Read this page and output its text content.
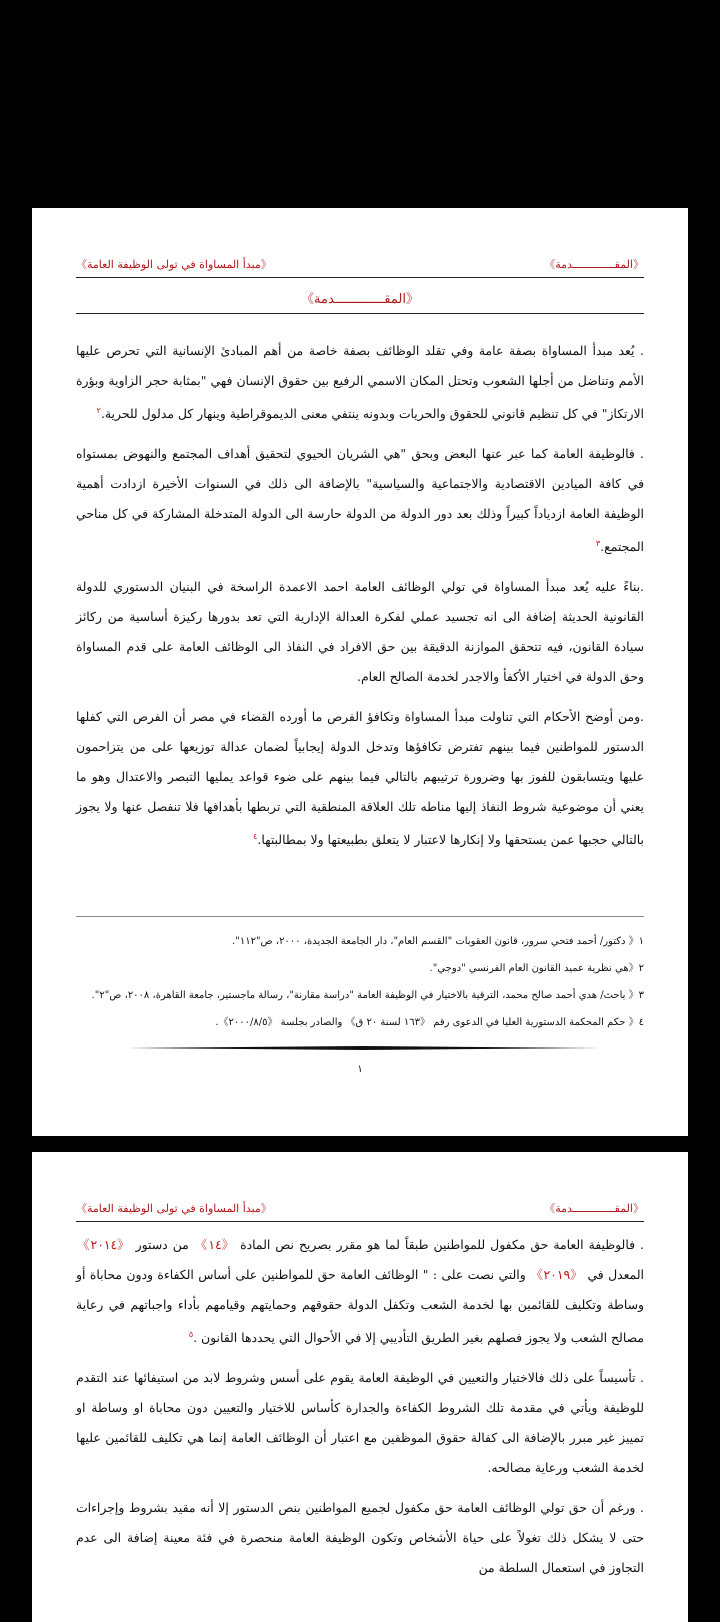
《المقـــــــــــــدمة》
《مبدأ المساواة في تولى الوظيفة العامة》
《المقـــــــــــــدمة》

. يُعد مبدأ المساواة بصفة عامة وفي تقلد الوظائف بصفة خاصة من أهم المبادئ الإنسانية التي تحرص عليها الأمم وتناضل من أجلها الشعوب وتحتل المكان الاسمي الرفيع بين حقوق الإنسان فهي "بمثابة حجر الزاوية وبؤرة الارتكاز" في كل تنظيم قانوني للحقوق والحريات وبدونه ينتفي معنى الديموقراطية وينهار كل مدلول للحرية.$^٢$

. فالوظيفة العامة كما عبر عنها البعض وبحق "هي الشريان الحيوي لتحقيق أهداف المجتمع والنهوض بمستواه في كافة الميادين الاقتصادية والاجتماعية والسياسية" بالإضافة الى ذلك في السنوات الأخيرة ازدادت أهمية الوظيفة العامة ازدياداً كبيراً وذلك بعد دور الدولة من الدولة حارسة الى الدولة المتدخلة المشاركة في كل مناحي المجتمع.$^٣$

.بناءً عليه يُعد مبدأ المساواة في تولي الوظائف العامة احمد الاعمدة الراسخة في البنيان الدستوري للدولة القانونية الحديثة إضافة الى انه تجسيد عملي لفكرة العدالة الإدارية التي تعد بدورها ركيزة أساسية من ركائز سيادة القانون، فيه تتحقق الموازنة الدقيقة بين حق الافراد في النفاذ الى الوظائف العامة على قدم المساواة وحق الدولة في اختيار الأكفأ والاجدر لخدمة الصالح العام.

.ومن أوضح الأحكام التي تناولت مبدأ المساواة وتكافؤ الفرص ما أورده القضاء في مصر أن الفرص التي كفلها الدستور للمواطنين فيما بينهم تفترض تكافؤها وتدخل الدولة إيجابياً لضمان عدالة توزيعها على من يتزاحمون عليها ويتسابقون للفوز بها وضرورة ترتيبهم بالتالي فيما بينهم على ضوء قواعد يمليها التبصر والاعتدال وهو ما يعني أن موضوعية شروط النفاذ إليها مناطه تلك العلاقة المنطقية التي تربطها بأهدافها فلا تنفصل عنها ولا يجوز بالتالي حجبها عمن يستحقها ولا إنكارها لاعتبار لا يتعلق بطبيعتها ولا بمطالبتها.$^٤$

١《 دكتور/ أحمد فتحي سرور، قانون العقوبات "القسم العام"، دار الجامعة الجديدة، ٢٠٠٠، ص"١١٢".
٢《هي نظرية عميد القانون العام الفرنسي "دوجي".
٣《 باحث/ هدي أحمد صالح محمد، الترقية بالاختيار في الوظيفة العامة "دراسة مقارنة"، رسالة ماجستير، جامعة القاهرة، ٢٠٠٨، ص"٢".
٤《 حكم المحكمة الدستورية العليا في الدعوى رقم 《١٦٣ لسنة ٢٠ ق》 والصادر بجلسة 《٢٠٠٠/٨/٥》.
١
《المقـــــــــــــدمة》
《مبدأ المساواة في تولى الوظيفة العامة》

. فالوظيفة العامة حق مكفول للمواطنين طبقاً لما هو مقرر بصريح نص المادة 《١٤》 من دستور 《٢٠١٤》 المعدل في 《٢٠١٩》 والتي نصت على : " الوظائف العامة حق للمواطنين على أساس الكفاءة ودون محاباة أو وساطة وتكليف للقائمين بها لخدمة الشعب وتكفل الدولة حقوقهم وحمايتهم وقيامهم بأداء واجباتهم في رعاية مصالح الشعب ولا يجوز فصلهم بغير الطريق التأديبي إلا في الأحوال التي يحددها القانون .$^٥$

. تأسيساً على ذلك فالاختيار والتعيين في الوظيفة العامة يقوم على أسس وشروط لابد من استيفائها عند التقدم للوظيفة ويأتي في مقدمة تلك الشروط الكفاءة والجدارة كأساس للاختيار والتعيين دون محاباة او وساطة او تمييز غير مبرر بالإضافة الى كفالة حقوق الموظفين مع اعتبار أن الوظائف العامة إنما هي تكليف للقائمين عليها لخدمة الشعب ورعاية مصالحه.

. ورغم أن حق تولي الوظائف العامة حق مكفول لجميع المواطنين بنص الدستور إلا أنه مقيد بشروط وإجراءات حتى لا يشكل ذلك تغولاً على حياة الأشخاص وتكون الوظيفة العامة منحصرة في فئة معينة إضافة الى عدم التجاوز في استعمال السلطة من
